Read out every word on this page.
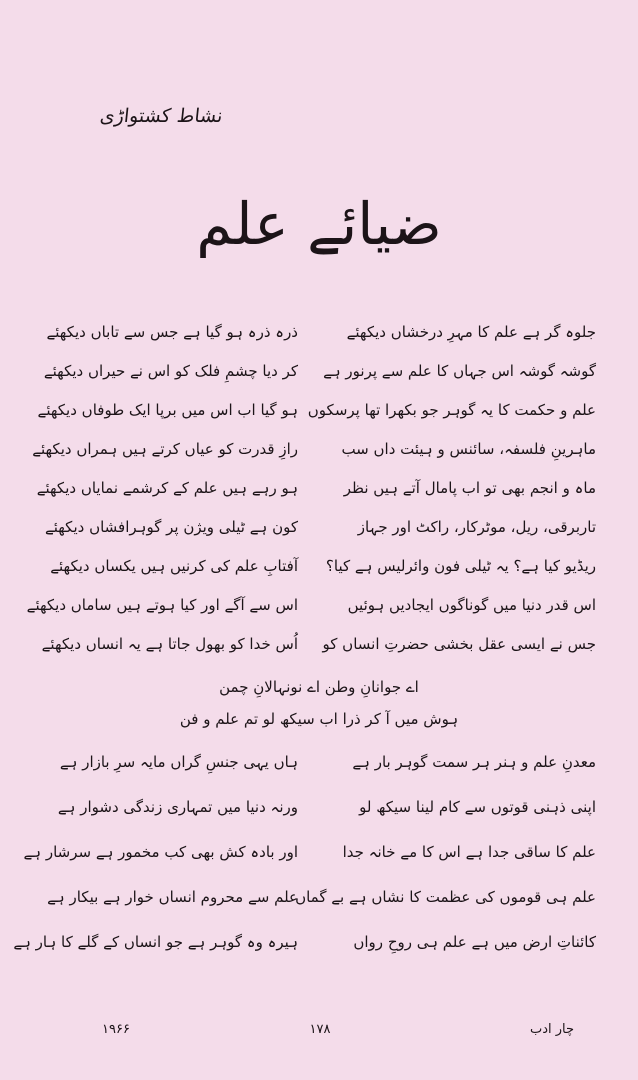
نشاط کشتواڑی
ضیائے علم
جلوہ گر ہے علم کا مہرِ درخشاں دیکھئے
گوشہ گوشہ اس جہاں کا علم سے پرنور ہے
علم و حکمت کا یہ گوہر جو بکھرا تھا پرسکوں
ماہرینِ فلسفہ، سائنس و ہیئت داں سب
ماہ و انجم بھی تو اب پامال آتے ہیں نظر
تاربرقی، ریل، موٹرکار، راکٹ اور جہاز
ریڈیو کیا ہے؟ یہ ٹیلی فون وائرلیس ہے کیا؟
اس قدر دنیا میں گوناگوں ایجادیں ہوئیں
جس نے ایسی عقل بخشی حضرتِ انساں کو
ذرہ ذرہ ہو گیا ہے جس سے تاباں دیکھئے
کر دیا چشمِ فلک کو اس نے حیراں دیکھئے
ہو گیا اب اس میں برپا ایک طوفاں دیکھئے
رازِ قدرت کو عیاں کرتے ہیں ہمراں دیکھئے
ہو رہے ہیں علم کے کرشمے نمایاں دیکھئے
کون ہے ٹیلی ویژن پر گوہرافشاں دیکھئے
آفتابِ علم کی کرنیں ہیں یکساں دیکھئے
اس سے آگے اور کیا ہوتے ہیں ساماں دیکھئے
اُس خدا کو بھول جاتا ہے یہ انساں دیکھئے
اے جوانانِ وطن اے نونہالانِ چمن
ہوش میں آ کر ذرا اب سیکھ لو تم علم و فن
معدنِ علم و ہنر ہر سمت گوہر بار ہے
اپنی ذہنی قوتوں سے کام لینا سیکھ لو
علم کا ساقی جدا ہے اس کا مے خانہ جدا
علم ہی قوموں کی عظمت کا نشاں ہے بے گماں
کائناتِ ارض میں ہے علم ہی روحِ رواں
ہاں یہی جنسِ گراں مایہ سرِ بازار ہے
ورنہ دنیا میں تمہاری زندگی دشوار ہے
اور بادہ کش بھی کب مخمور ہے سرشار ہے
علم سے محروم انساں خوار ہے بیکار ہے
ہیرہ وہ گوہر ہے جو انساں کے گلے کا ہار ہے
۱۹۶۶	۱۷۸	چار ادب
